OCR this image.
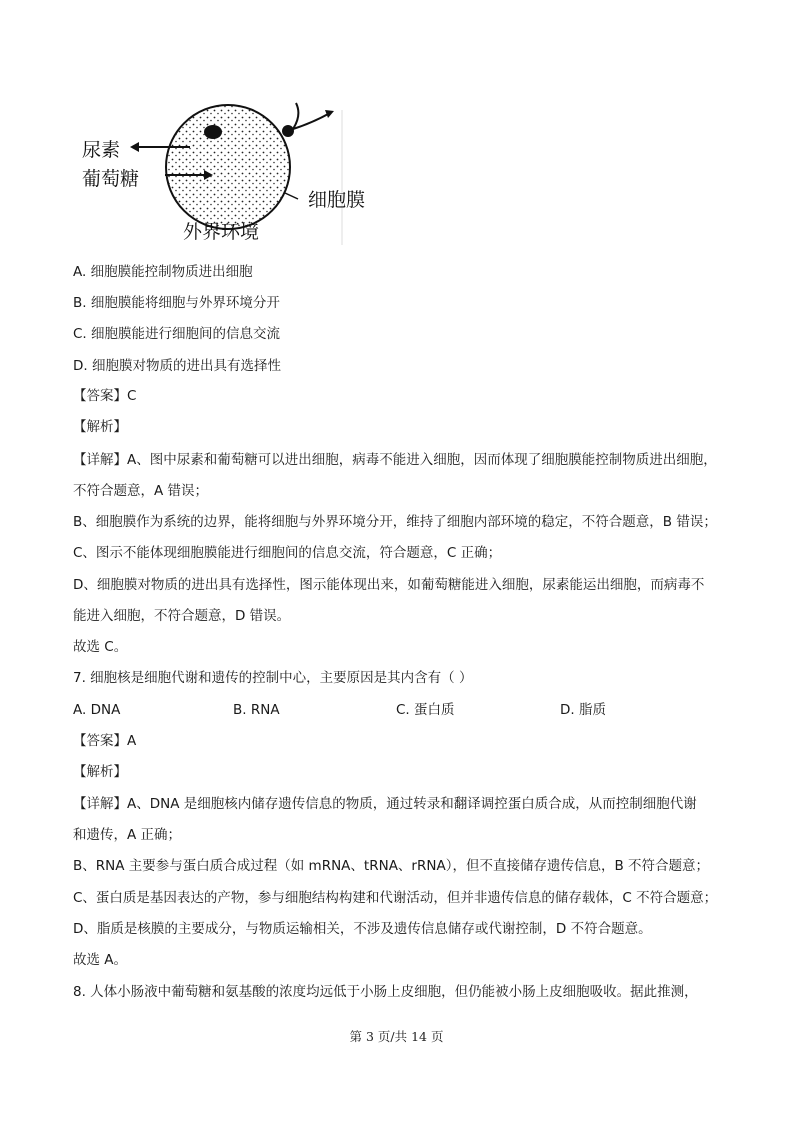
尿素
葡萄糖
细胞膜
外界环境
A. 细胞膜能控制物质进出细胞
B. 细胞膜能将细胞与外界环境分开
C. 细胞膜能进行细胞间的信息交流
D. 细胞膜对物质的进出具有选择性
【答案】C
【解析】
【详解】A、图中尿素和葡萄糖可以进出细胞，病毒不能进入细胞，因而体现了细胞膜能控制物质进出细胞，
不符合题意，A 错误；
B、细胞膜作为系统的边界，能将细胞与外界环境分开，维持了细胞内部环境的稳定，不符合题意，B 错误；
C、图示不能体现细胞膜能进行细胞间的信息交流，符合题意，C 正确；
D、细胞膜对物质的进出具有选择性，图示能体现出来，如葡萄糖能进入细胞，尿素能运出细胞，而病毒不
能进入细胞，不符合题意，D 错误。
故选 C。
7. 细胞核是细胞代谢和遗传的控制中心，主要原因是其内含有（ ）
A. DNA	B. RNA	C. 蛋白质	D. 脂质
【答案】A
【解析】
【详解】A、DNA 是细胞核内储存遗传信息的物质，通过转录和翻译调控蛋白质合成，从而控制细胞代谢
和遗传，A 正确；
B、RNA 主要参与蛋白质合成过程（如 mRNA、tRNA、rRNA），但不直接储存遗传信息，B 不符合题意；
C、蛋白质是基因表达的产物，参与细胞结构构建和代谢活动，但并非遗传信息的储存载体，C 不符合题意；
D、脂质是核膜的主要成分，与物质运输相关，不涉及遗传信息储存或代谢控制，D 不符合题意。
故选 A。
8. 人体小肠液中葡萄糖和氨基酸的浓度均远低于小肠上皮细胞，但仍能被小肠上皮细胞吸收。据此推测，
第 3 页/共 14 页
